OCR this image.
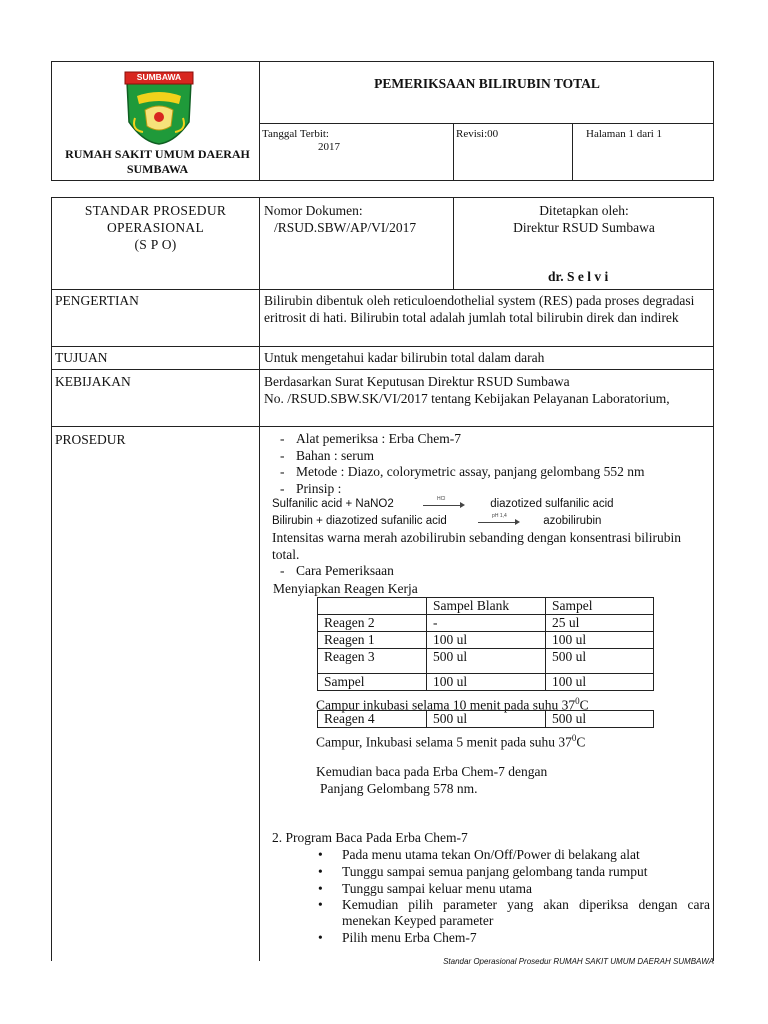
SUMBAWA
RUMAH SAKIT UMUM DAERAH SUMBAWA
PEMERIKSAAN BILIRUBIN TOTAL
Tanggal Terbit:
2017
Revisi:00	Halaman 1 dari 1
STANDAR PROSEDUR
OPERASIONAL
(S P O)
Nomor Dokumen:
/RSUD.SBW/AP/VI/2017
Ditetapkan oleh:
Direktur RSUD Sumbawa
dr. S e l v i
PENGERTIAN	Bilirubin dibentuk oleh reticuloendothelial system (RES) pada proses degradasi eritrosit di hati. Bilirubin total adalah jumlah total bilirubin direk dan indirek
TUJUAN	Untuk mengetahui kadar bilirubin total dalam darah
KEBIJAKAN	Berdasarkan Surat Keputusan Direktur RSUD Sumbawa
No. /RSUD.SBW.SK/VI/2017 tentang Kebijakan Pelayanan Laboratorium,
PROSEDUR	- Alat pemeriksa : Erba Chem-7
- Bahan : serum
- Metode : Diazo, colorymetric assay, panjang gelombang 552 nm
- Prinsip :
Sulfanilic acid + NaNO2	HCl	diazotized sulfanilic acid
Bilirubin + diazotized sufanilic acid	pH 1,4	azobilirubin
Intensitas warna merah azobilirubin sebanding dengan konsentrasi bilirubin total.
- Cara Pemeriksaan
Menyiapkan Reagen Kerja
	Sampel Blank	Sampel
Reagen 2	-	25 ul
Reagen 1	100 ul	100 ul
Reagen 3	500 ul	500 ul
Sampel	100 ul	100 ul
Campur inkubasi selama 10 menit pada suhu $37^0C$
Reagen 4	500 ul	500 ul
Campur, Inkubasi selama 5 menit pada suhu $37^0C$
Kemudian baca pada Erba Chem-7 dengan
Panjang Gelombang 578 nm.
2. Program Baca Pada Erba Chem-7
• Pada menu utama tekan On/Off/Power di belakang alat
• Tunggu sampai semua panjang gelombang tanda rumput
• Tunggu sampai keluar menu utama
• Kemudian pilih parameter yang akan diperiksa dengan cara menekan Keyped parameter
• Pilih menu Erba Chem-7
Standar Operasional Prosedur RUMAH SAKIT UMUM DAERAH SUMBAWA
